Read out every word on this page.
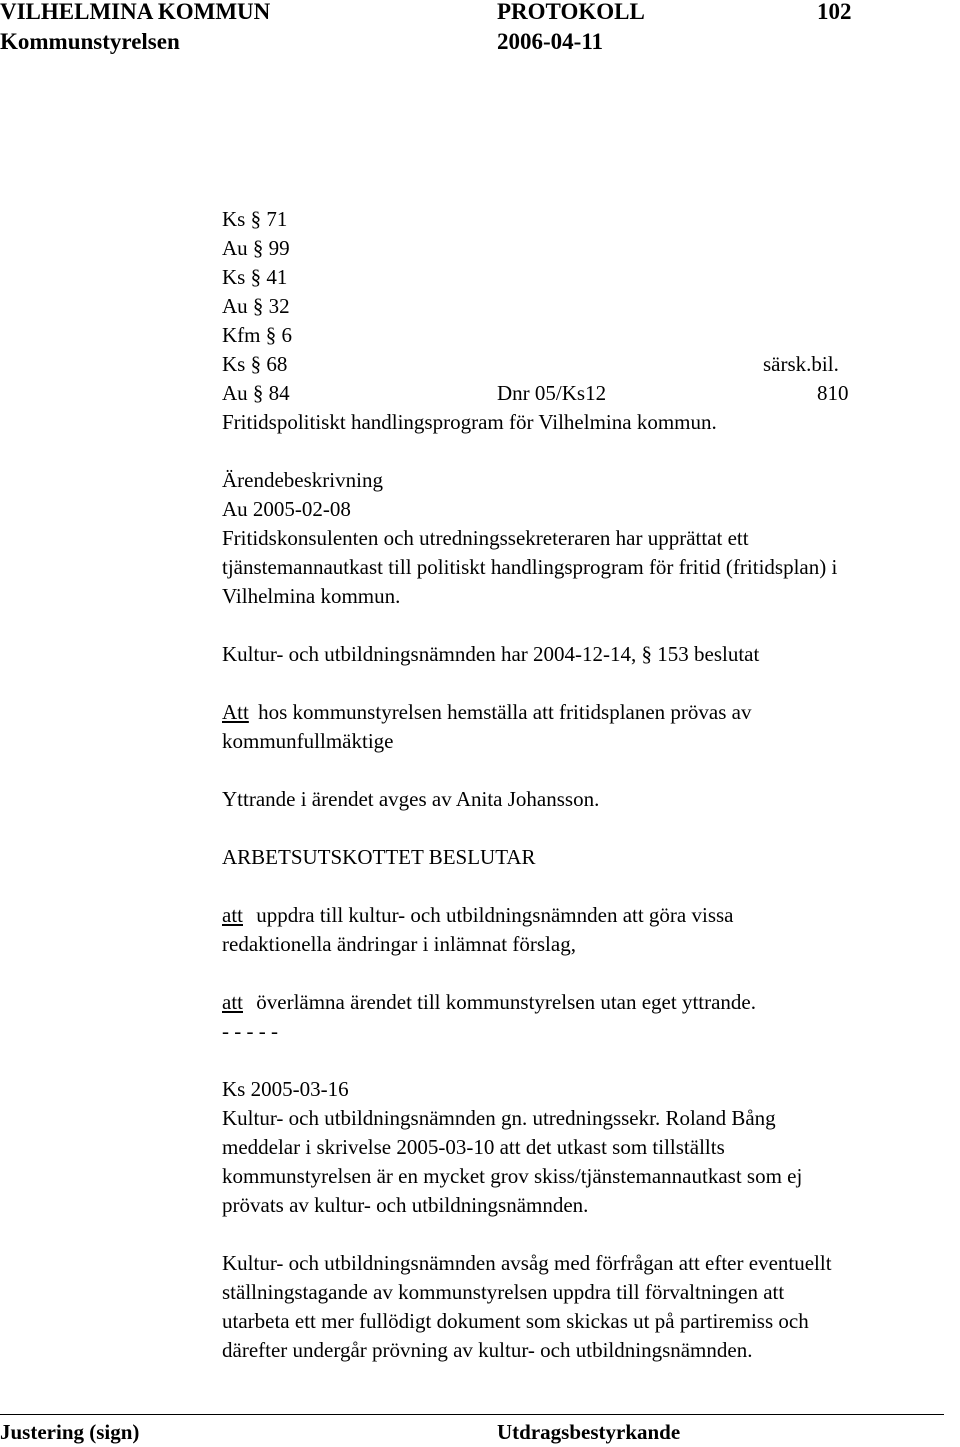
VILHELMINA KOMMUN	PROTOKOLL	102
Kommunstyrelsen	2006-04-11
Ks § 71
Au § 99
Ks § 41
Au § 32
Kfm § 6
Ks § 68	särsk.bil.
Au § 84	Dnr 05/Ks12	810
Fritidspolitiskt handlingsprogram för Vilhelmina kommun.
Ärendebeskrivning
Au 2005-02-08
Fritidskonsulenten och utredningssekreteraren har upprättat ett
tjänstemannautkast till politiskt handlingsprogram för fritid (fritidsplan) i
Vilhelmina kommun.
Kultur- och utbildningsnämnden har 2004-12-14, § 153 beslutat
Att hos kommunstyrelsen hemställa att fritidsplanen prövas av
kommunfullmäktige
Yttrande i ärendet avges av Anita Johansson.
ARBETSUTSKOTTET BESLUTAR
att uppdra till kultur- och utbildningsnämnden att göra vissa
redaktionella ändringar i inlämnat förslag,
att överlämna ärendet till kommunstyrelsen utan eget yttrande.
- - - - -
Ks 2005-03-16
Kultur- och utbildningsnämnden gn. utredningssekr. Roland Bång
meddelar i skrivelse 2005-03-10 att det utkast som tillställts
kommunstyrelsen är en mycket grov skiss/tjänstemannautkast som ej
prövats av kultur- och utbildningsnämnden.
Kultur- och utbildningsnämnden avsåg med förfrågan att efter eventuellt
ställningstagande av kommunstyrelsen uppdra till förvaltningen att
utarbeta ett mer fullödigt dokument som skickas ut på partiremiss och
därefter undergår prövning av kultur- och utbildningsnämnden.
Justering (sign)	Utdragsbestyrkande
